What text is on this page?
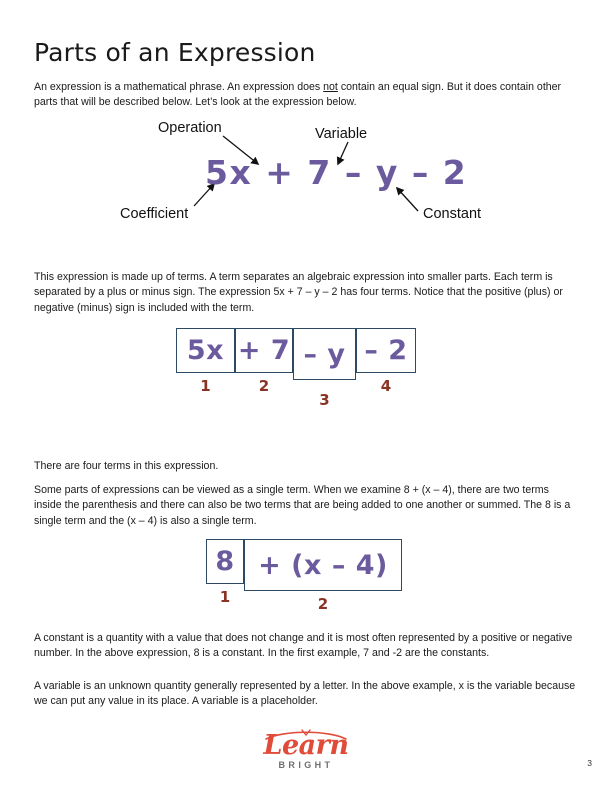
Parts of an Expression
An expression is a mathematical phrase. An expression does not contain an equal sign. But it does contain other parts that will be described below. Let’s look at the expression below.
Operation	Variable
Coefficient	Constant
5x + 7 – y – 2
This expression is made up of terms. A term separates an algebraic expression into smaller parts. Each term is separated by a plus or minus sign. The expression 5x + 7 – y – 2 has four terms. Notice that the positive (plus) or negative (minus) sign is included with the term.
5x
1
+ 7
2
– y
3
– 2
4
There are four terms in this expression.
Some parts of expressions can be viewed as a single term. When we examine 8 + (x – 4), there are two terms inside the parenthesis and there can also be two terms that are being added to one another or summed. The 8 is a single term and the (x – 4) is also a single term.
8
1
+ (x – 4)
2
A constant is a quantity with a value that does not change and it is most often represented by a positive or negative number. In the above expression, 8 is a constant. In the first example, 7 and -2 are the constants.
A variable is an unknown quantity generally represented by a letter. In the above example, x is the variable because we can put any value in its place. A variable is a placeholder.
Learn
BRIGHT	3
